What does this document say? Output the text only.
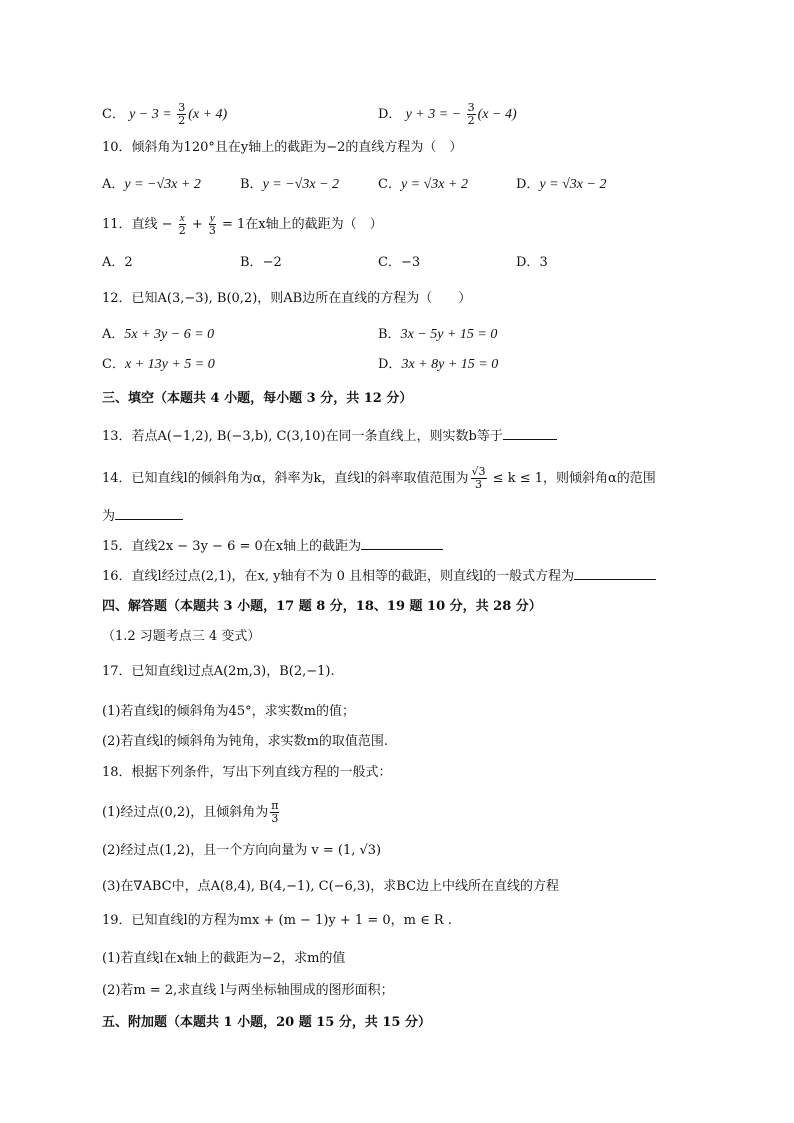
C． $y - 3 = \frac{3}{2} (x + 4)$	D． y + 3 = − $\frac{3}{2} (x - 4)$
10．倾斜角为120°且在y轴上的截距为−2的直线方程为（　）
A．y = −√3x + 2	B．y = −√3x − 2	C．y = √3x + 2	D．y = √3x − 2
11．直线 − $\frac{x}{2} + \frac{y}{3} = 1$在x轴上的截距为（　）
A．2	B．−2	C．−3	D．3
12．已知A(3,−3), B(0,2)，则AB边所在直线的方程为（　　）
A．5x + 3y − 6 = 0	B．3x − 5y + 15 = 0
C．x + 13y + 5 = 0	D．3x + 8y + 15 = 0
三、填空（本题共 4 小题，每小题 3 分，共 12 分）
13．若点A(−1,2), B(−3,b), C(3,10)在同一条直线上，则实数b等于
14．已知直线l的倾斜角为α，斜率为k，直线l的斜率取值范围为 $\frac{√3}{3} \le k \le 1$，则倾斜角α的范围
为
15．直线2x − 3y − 6 = 0在x轴上的截距为
16．直线l经过点(2,1)，在x, y轴有不为 0 且相等的截距，则直线l的一般式方程为
四、解答题（本题共 3 小题，17 题 8 分，18、19 题 10 分，共 28 分）
（1.2 习题考点三 4 变式）
17．已知直线l过点A(2m,3)，B(2,−1).
(1)若直线l的倾斜角为45°，求实数m的值；
(2)若直线l的倾斜角为钝角，求实数m的取值范围.
18．根据下列条件，写出下列直线方程的一般式：
(1)经过点(0,2)，且倾斜角为 $\frac{\pi}{3}$
(2)经过点(1,2)，且一个方向向量为 v = (1, √3)
(3)在∇ABC中，点A(8,4), B(4,−1), C(−6,3)，求BC边上中线所在直线的方程
19．已知直线l的方程为mx + (m − 1)y + 1 = 0，m ∈ R .
(1)若直线l在x轴上的截距为−2，求m的值
(2)若m = 2,求直线 l与两坐标轴围成的图形面积；
五、附加题（本题共 1 小题，20 题 15 分，共 15 分）
